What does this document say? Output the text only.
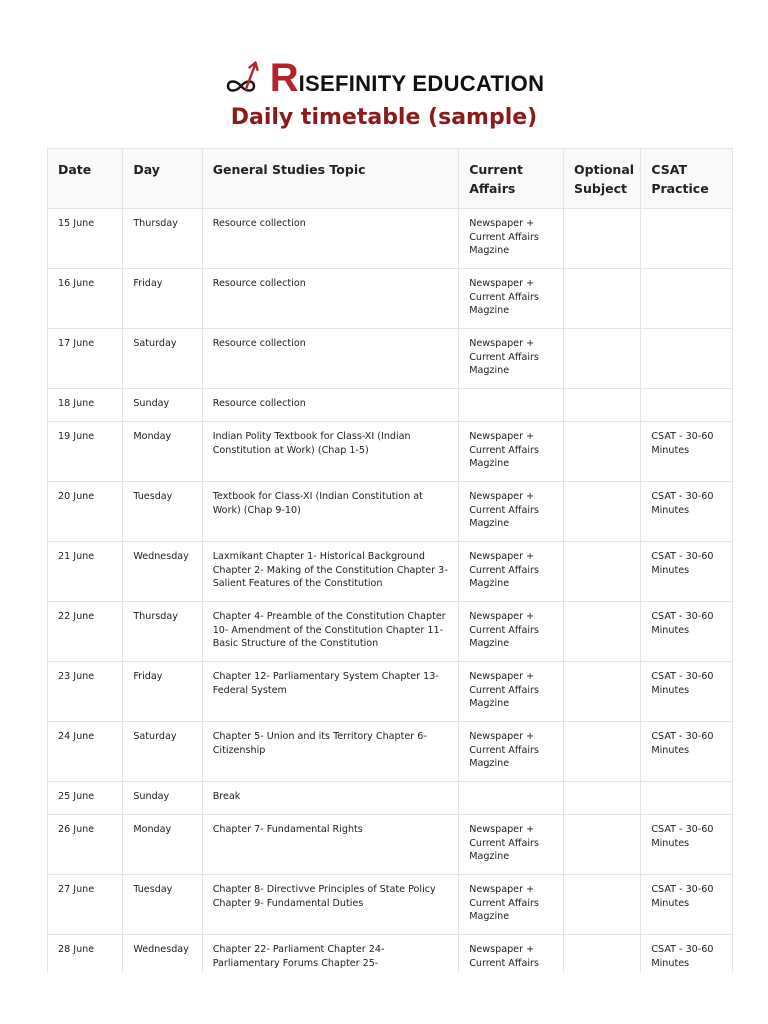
R ISEFINITY EDUCATION
Daily timetable (sample)
Date	Day	General Studies Topic	Current Affairs	Optional Subject	CSAT Practice
15 June	Thursday	Resource collection	Newspaper + Current Affairs Magzine		
16 June	Friday	Resource collection	Newspaper + Current Affairs Magzine		
17 June	Saturday	Resource collection	Newspaper + Current Affairs Magzine		
18 June	Sunday	Resource collection			
19 June	Monday	Indian Polity Textbook for Class-XI (Indian Constitution at Work) (Chap 1-5)	Newspaper + Current Affairs Magzine		CSAT - 30-60 Minutes
20 June	Tuesday	Textbook for Class-XI (Indian Constitution at Work) (Chap 9-10)	Newspaper + Current Affairs Magzine		CSAT - 30-60 Minutes
21 June	Wednesday	Laxmikant Chapter 1- Historical Background Chapter 2- Making of the Constitution Chapter 3- Salient Features of the Constitution	Newspaper + Current Affairs Magzine		CSAT - 30-60 Minutes
22 June	Thursday	Chapter 4- Preamble of the Constitution Chapter 10- Amendment of the Constitution Chapter 11- Basic Structure of the Constitution	Newspaper + Current Affairs Magzine		CSAT - 30-60 Minutes
23 June	Friday	Chapter 12- Parliamentary System Chapter 13- Federal System	Newspaper + Current Affairs Magzine		CSAT - 30-60 Minutes
24 June	Saturday	Chapter 5- Union and its Territory Chapter 6- Citizenship	Newspaper + Current Affairs Magzine		CSAT - 30-60 Minutes
25 June	Sunday	Break			
26 June	Monday	Chapter 7- Fundamental Rights	Newspaper + Current Affairs Magzine		CSAT - 30-60 Minutes
27 June	Tuesday	Chapter 8- Directivve Principles of State Policy Chapter 9- Fundamental Duties	Newspaper + Current Affairs Magzine		CSAT - 30-60 Minutes
28 June	Wednesday	Chapter 22- Parliament Chapter 24- Parliamentary Forums Chapter 25-	Newspaper + Current Affairs		CSAT - 30-60 Minutes
